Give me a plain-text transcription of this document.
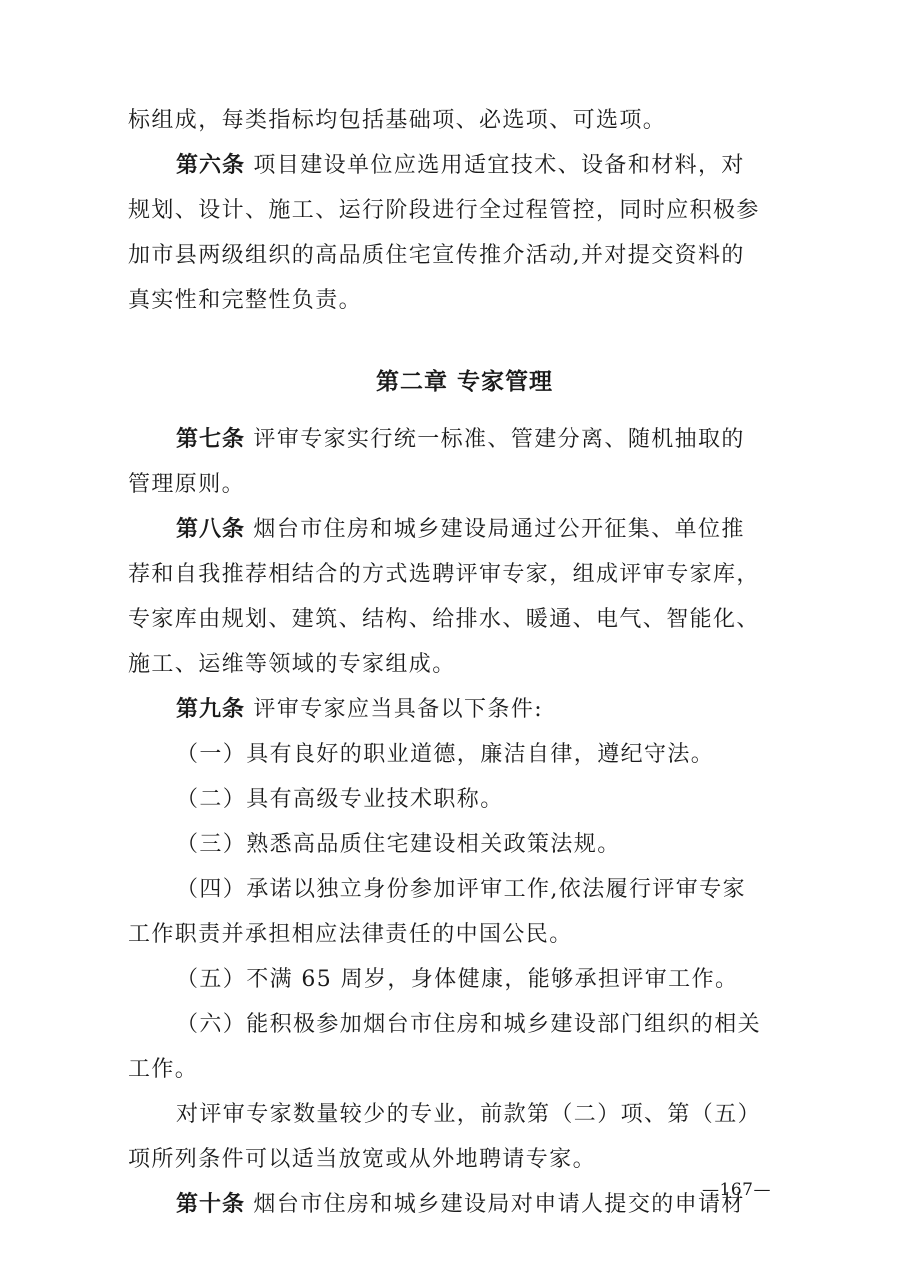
标组成，每类指标均包括基础项、必选项、可选项。
第六条 项目建设单位应选用适宜技术、设备和材料，对
规划、设计、施工、运行阶段进行全过程管控，同时应积极参
加市县两级组织的高品质住宅宣传推介活动,并对提交资料的
真实性和完整性负责。
第二章 专家管理
第七条 评审专家实行统一标准、管建分离、随机抽取的
管理原则。
第八条 烟台市住房和城乡建设局通过公开征集、单位推
荐和自我推荐相结合的方式选聘评审专家，组成评审专家库，
专家库由规划、建筑、结构、给排水、暖通、电气、智能化、
施工、运维等领域的专家组成。
第九条 评审专家应当具备以下条件:
（一）具有良好的职业道德，廉洁自律，遵纪守法。
（二）具有高级专业技术职称。
（三）熟悉高品质住宅建设相关政策法规。
（四）承诺以独立身份参加评审工作,依法履行评审专家
工作职责并承担相应法律责任的中国公民。
（五）不满 65 周岁，身体健康，能够承担评审工作。
（六）能积极参加烟台市住房和城乡建设部门组织的相关
工作。
对评审专家数量较少的专业，前款第（二）项、第（五）
项所列条件可以适当放宽或从外地聘请专家。
第十条 烟台市住房和城乡建设局对申请人提交的申请材
—167—
